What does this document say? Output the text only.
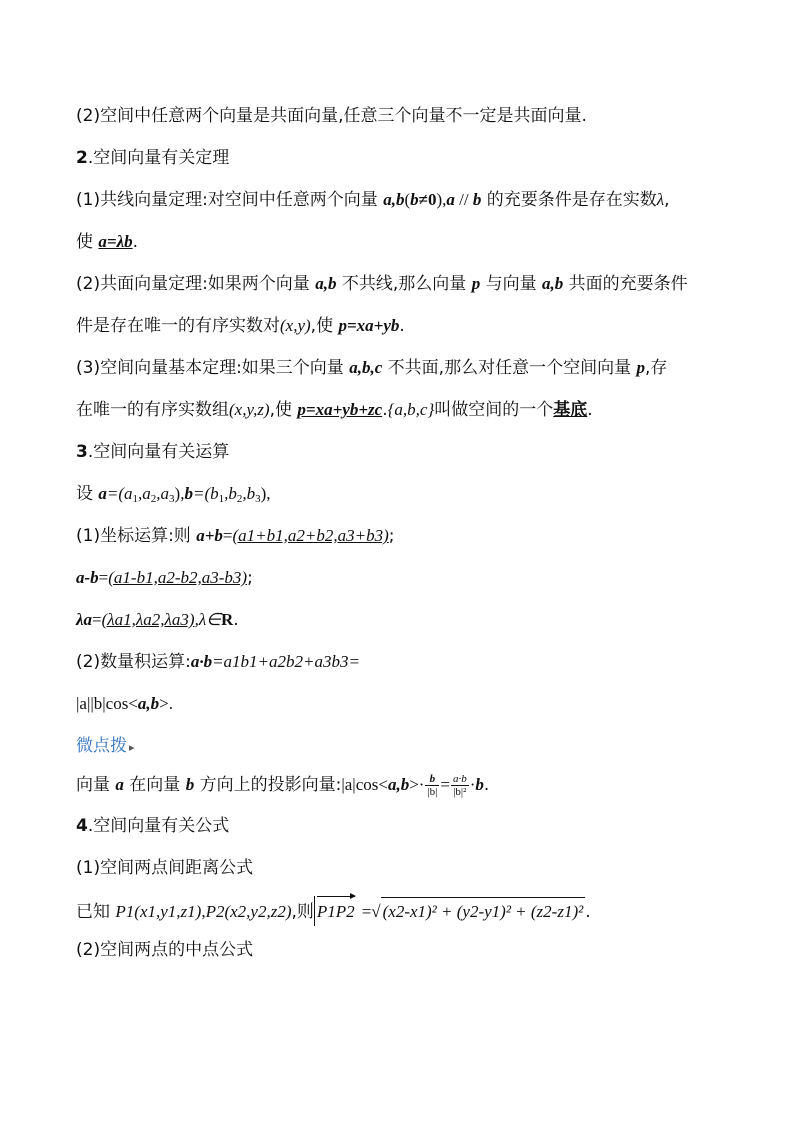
(2)空间中任意两个向量是共面向量,任意三个向量不一定是共面向量.
2.空间向量有关定理
(1)共线向量定理:对空间中任意两个向量 a,b(b≠0),a // b 的充要条件是存在实数λ,
使 a=λb.
(2)共面向量定理:如果两个向量 a,b 不共线,那么向量 p 与向量 a,b 共面的充要条件
件是存在唯一的有序实数对(x,y),使 p=xa+yb.
(3)空间向量基本定理:如果三个向量 a,b,c 不共面,那么对任意一个空间向量 p,存
在唯一的有序实数组(x,y,z),使 p=xa+yb+zc.{a,b,c}叫做空间的一个基底.
3.空间向量有关运算
设 $a=(a_1,a_2,a_3),b=(b_1,b_2,b_3)$,
(1)坐标运算:则 a+b=(a1+b1,a2+b2,a3+b3);
a-b=(a1-b1,a2-b2,a3-b3);
λa=(λa1,λa2,λa3),λ∈R.
(2)数量积运算:a·b=a1b1+a2b2+a3b3=
|a||b|cos<a,b>.
微点拨 ▸
向量 a 在向量 b 方向上的投影向量:|a|cos<a,b>· $\frac{b}{|b|} = \frac{a\cdot b}{\text{|b|²}} \cdot b$.
4.空间向量有关公式
(1)空间两点间距离公式
已知 P1(x1,y1,z1),P2(x2,y2,z2),则 P1P2 =√ (x2-x1)² + (y2-y1)² + (z2-z1)² .
(2)空间两点的中点公式
